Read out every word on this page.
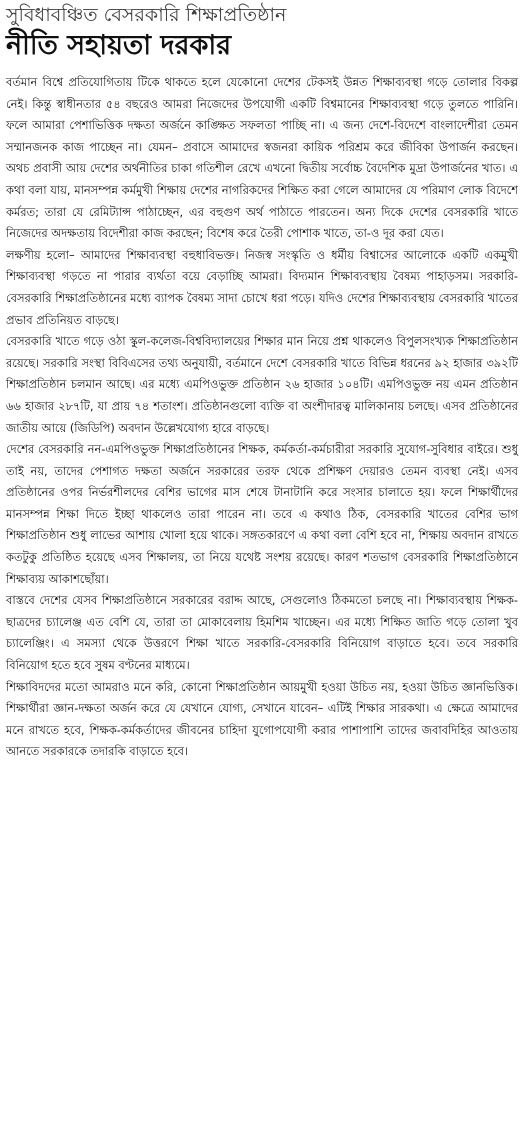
সুবিধাবঞ্চিত বেসরকারি শিক্ষাপ্রতিষ্ঠান
নীতি সহায়তা দরকার

বর্তমান বিশ্বে প্রতিযোগিতায় টিকে থাকতে হলে যেকোনো দেশের টেকসই উন্নত শিক্ষাব্যবস্থা গড়ে তোলার বিকল্প নেই। কিন্তু স্বাধীনতার ৫৪ বছরেও আমরা নিজেদের উপযোগী একটি বিশ্বমানের শিক্ষাব্যবস্থা গড়ে তুলতে পারিনি। ফলে আমারা পেশাভিত্তিক দক্ষতা অর্জনে কাঙ্ক্ষিত সফলতা পাচ্ছি না। এ জন্য দেশে-বিদেশে বাংলাদেশীরা তেমন সম্মানজনক কাজ পাচ্ছেন না। যেমন– প্রবাসে আমাদের স্বজনরা কায়িক পরিশ্রম করে জীবিকা উপার্জন করছেন। অথচ প্রবাসী আয় দেশের অর্থনীতির চাকা গতিশীল রেখে এখনো দ্বিতীয় সর্বোচ্চ বৈদেশিক মুদ্রা উপার্জনের খাত। এ কথা বলা যায়, মানসম্পন্ন কর্মমুখী শিক্ষায় দেশের নাগরিকদের শিক্ষিত করা গেলে আমাদের যে পরিমাণ লোক বিদেশে কর্মরত; তারা যে রেমিট্যান্স পাঠাচ্ছেন, এর বহুগুণ অর্থ পাঠাতে পারতেন। অন্য দিকে দেশের বেসরকারি খাতে নিজেদের অদক্ষতায় বিদেশীরা কাজ করছেন; বিশেষ করে তৈরী পোশাক খাতে, তা-ও দূর করা যেত।

লক্ষণীয় হলো– আমাদের শিক্ষাব্যবস্থা বহুধাবিভক্ত। নিজস্ব সংস্কৃতি ও ধর্মীয় বিশ্বাসের আলোকে একটি একমুখী শিক্ষাব্যবস্থা গড়তে না পারার ব্যর্থতা বয়ে বেড়াচ্ছি আমরা। বিদ্যমান শিক্ষাব্যবস্থায় বৈষম্য পাহাড়সম। সরকারি-বেসরকারি শিক্ষাপ্রতিষ্ঠানের মধ্যে ব্যাপক বৈষম্য সাদা চোখে ধরা পড়ে। যদিও দেশের শিক্ষাব্যবস্থায় বেসরকারি খাতের প্রভাব প্রতিনিয়ত বাড়ছে।

বেসরকারি খাতে গড়ে ওঠা স্কুল-কলেজ-বিশ্ববিদ্যালয়ের শিক্ষার মান নিয়ে প্রশ্ন থাকলেও বিপুলসংখ্যক শিক্ষাপ্রতিষ্ঠান রয়েছে। সরকারি সংস্থা বিবিএসের তথ্য অনুযায়ী, বর্তমানে দেশে বেসরকারি খাতে বিভিন্ন ধরনের ৯২ হাজার ৩৯২টি শিক্ষাপ্রতিষ্ঠান চলমান আছে। এর মধ্যে এমপিওভুক্ত প্রতিষ্ঠান ২৬ হাজার ১০৪টি। এমপিওভুক্ত নয় এমন প্রতিষ্ঠান ৬৬ হাজার ২৮৭টি, যা প্রায় ৭৪ শতাংশ। প্রতিষ্ঠানগুলো ব্যক্তি বা অংশীদারত্ব মালিকানায় চলছে। এসব প্রতিষ্ঠানের জাতীয় আয়ে (জিডিপি) অবদান উল্লেখযোগ্য হারে বাড়ছে।

দেশের বেসরকারি নন-এমপিওভুক্ত শিক্ষাপ্রতিষ্ঠানের শিক্ষক, কর্মকর্তা-কর্মচারীরা সরকারি সুযোগ-সুবিধার বাইরে। শুধু তাই নয়, তাদের পেশাগত দক্ষতা অর্জনে সরকারের তরফ থেকে প্রশিক্ষণ দেয়ারও তেমন ব্যবস্থা নেই। এসব প্রতিষ্ঠানের ওপর নির্ভরশীলদের বেশির ভাগের মাস শেষে টানাটানি করে সংসার চালাতে হয়। ফলে শিক্ষার্থীদের মানসম্পন্ন শিক্ষা দিতে ইচ্ছা থাকলেও তারা পারেন না। তবে এ কথাও ঠিক, বেসরকারি খাতের বেশির ভাগ শিক্ষাপ্রতিষ্ঠান শুধু লাভের আশায় খোলা হয়ে থাকে। সঙ্গতকারণে এ কথা বলা বেশি হবে না, শিক্ষায় অবদান রাখতে কতটুকু প্রতিষ্ঠিত হয়েছে এসব শিক্ষালয়, তা নিয়ে যথেষ্ট সংশয় রয়েছে। কারণ শতভাগ বেসরকারি শিক্ষাপ্রতিষ্ঠানে শিক্ষাব্যয় আকাশছোঁয়া।

বাস্তবে দেশের যেসব শিক্ষাপ্রতিষ্ঠানে সরকারের বরাদ্দ আছে, সেগুলোও ঠিকমতো চলছে না। শিক্ষাব্যবস্থায় শিক্ষক-ছাত্রদের চ্যালেঞ্জ এত বেশি যে, তারা তা মোকাবেলায় হিমশিম খাচ্ছেন। এর মধ্যে শিক্ষিত জাতি গড়ে তোলা খুব চ্যালেঞ্জিং। এ সমস্যা থেকে উত্তরণে শিক্ষা খাতে সরকারি-বেসরকারি বিনিয়োগ বাড়াতে হবে। তবে সরকারি বিনিয়োগ হতে হবে সুষম বণ্টনের মাধ্যমে।

শিক্ষাবিদদের মতো আমরাও মনে করি, কোনো শিক্ষাপ্রতিষ্ঠান আয়মুখী হওয়া উচিত নয়, হওয়া উচিত জ্ঞানভিত্তিক। শিক্ষার্থীরা জ্ঞান-দক্ষতা অর্জন করে যে যেখানে যোগ্য, সেখানে যাবেন– এটিই শিক্ষার সারকথা। এ ক্ষেত্রে আমাদের মনে রাখতে হবে, শিক্ষক-কর্মকর্তাদের জীবনের চাহিদা যুগোপযোগী করার পাশাপাশি তাদের জবাবদিহির আওতায় আনতে সরকারকে তদারকি বাড়াতে হবে।
